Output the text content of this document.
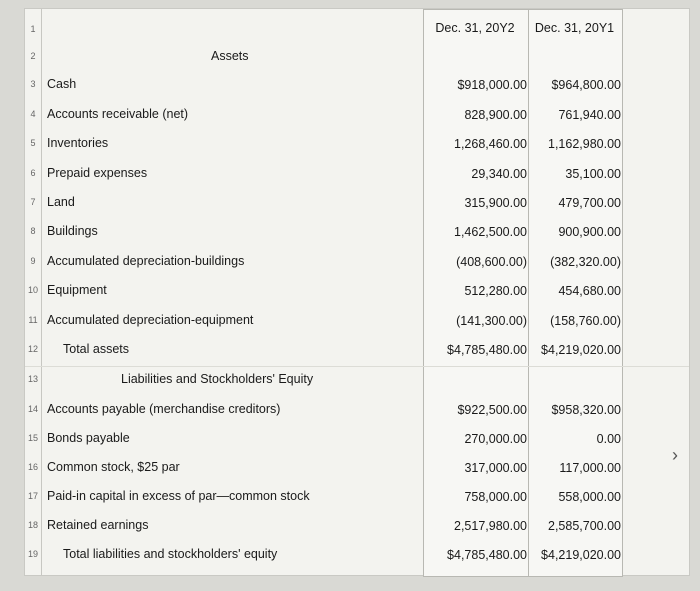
Dec. 31, 20Y2	Dec. 31, 20Y1
1
2	Assets
3 Cash	$918,000.00	$964,800.00
4 Accounts receivable (net)	828,900.00	761,940.00
5 Inventories	1,268,460.00	1,162,980.00
6 Prepaid expenses	29,340.00	35,100.00
7 Land	315,900.00	479,700.00
8 Buildings	1,462,500.00	900,900.00
9 Accumulated depreciation-buildings	(408,600.00)	(382,320.00)
10 Equipment	512,280.00	454,680.00
11 Accumulated depreciation-equipment	(141,300.00)	(158,760.00)
12	Total assets	$4,785,480.00	$4,219,020.00
13	Liabilities and Stockholders' Equity
14 Accounts payable (merchandise creditors)	$922,500.00	$958,320.00
15 Bonds payable	270,000.00	0.00
16 Common stock, $25 par	317,000.00	117,000.00
17 Paid-in capital in excess of par—common stock	758,000.00	558,000.00
18 Retained earnings	2,517,980.00	2,585,700.00
19	Total liabilities and stockholders' equity	$4,785,480.00	$4,219,020.00
›
